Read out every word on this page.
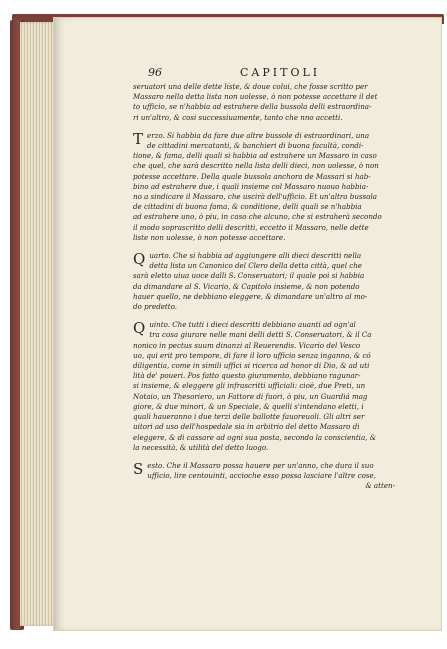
96	CAPITOLI

seruatori una delle dette liste, & doue colui, che fosse scritto per
Massaro nella detta lista non uolesse, ò non potesse accettare il det
to ufficio, se n'habbia ad estrahere della bussola delli estraordina-
ri un'altro, & cosi successiuamente, tanto che nno accetti.

T erzo. Si habbia da fare due altre bussole di estraordinari, una
de cittadini mercatanti, & banchieri di buona facultà, condi-
tione, & fama, delli quali si habbia ad estrahere un Massaro in caso
che quel, che sarà descritto nella lista delli dieci, non uolesse, ò non
potesse accettare. Della quale bussola anchora de Massari si hab-
bino ad estrahere due, i quali insieme col Massaro nuouo habbia-
no a sindicare il Massaro, che uscirà dell'ufficio. Et un'altra bussola
de cittadini di buona fama, & conditione, delli quali se n'habbia
ad estrahere uno, ò piu, in caso che alcuno, che si estraherà secondo
il modo soprascritto delli descritti, eccetto il Massaro, nelle dette
liste non uolesse, ò non potesse accettare.

Q uarto. Che si habbia ad aggiungere alli dieci descritti nella
detta lista un Canonico del Clero della detta città, quel che
sarà eletto uiua uoce dalli S. Conseruatori; il quale poi si habbia
da dimandare al S. Vicario, & Capitolo insieme, & non potendo
hauer quello, ne debbiano eleggere, & dimandare un'altro al mo-
do predetto.

Q uinto. Che tutti i dieci descritti debbiano auanti ad ogn'al
tra cosa giurare nelle mani delli detti S. Conseruatori, & il Ca
nonico in pectus suum dinanzi al Reuerendis. Vicario del Vesco
uo, qui erit pro tempore, di fare il loro ufficio senza inganno, & có
diligentia, come in simili uffici si ricerca ad honor di Dio, & ad uti
lità de' poueri. Pos fatto questo giuramento, debbiano ragunar-
si insieme, & eleggere gli infrascritti ufficiali: cioè, due Preti, un
Notaio, un Thesoriero, un Fattore di fuori, ò piu, un Guardiá mag
giore, & due minori, & un Speciale, & quelli s'intendano eletti, i
quali haueranno i due terzi delle ballotte fauoreuoli. Gli altri ser
uitori ad uso dell'hospedale sia in arbitrio del detto Massaro di
eleggere, & di cassare ad ogni sua posta, secondo la conscientia, &
la necessità, & utilità del detto luogo.

S esto. Che il Massaro possa hauere per un'anno, che dura il suo
ufficio, lire centouinti, accioche esso possa lasciare l'altre cose,
& atten-
